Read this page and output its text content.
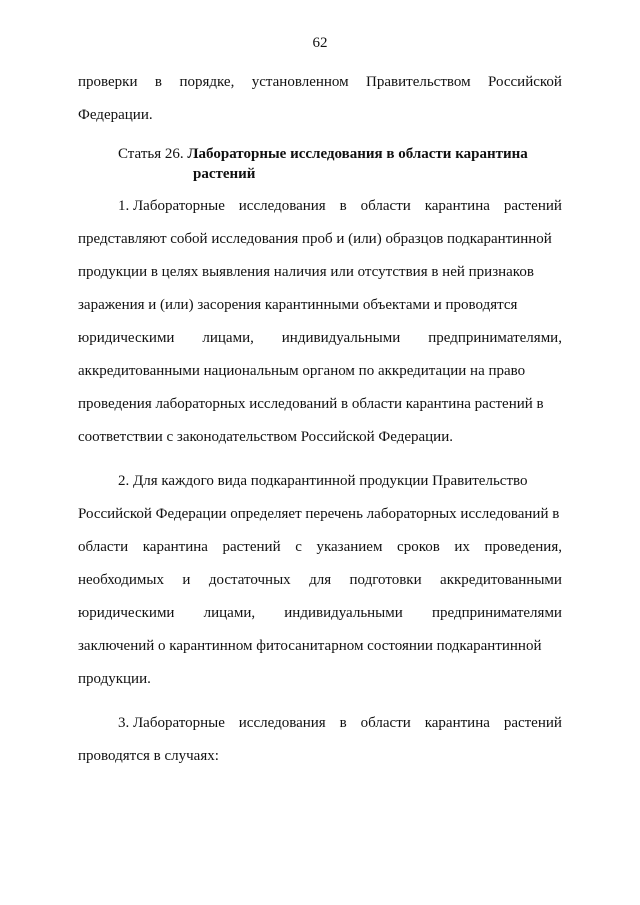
62
проверки в порядке, установленном Правительством Российской
Федерации.
Статья 26. Лабораторные исследования в области карантина
растений
1. Лабораторные исследования в области карантина растений
представляют собой исследования проб и (или) образцов подкарантинной
продукции в целях выявления наличия или отсутствия в ней признаков
заражения и (или) засорения карантинными объектами и проводятся
юридическими лицами, индивидуальными предпринимателями,
аккредитованными национальным органом по аккредитации на право
проведения лабораторных исследований в области карантина растений в
соответствии с законодательством Российской Федерации.
2. Для каждого вида подкарантинной продукции Правительство
Российской Федерации определяет перечень лабораторных исследований в
области карантина растений с указанием сроков их проведения,
необходимых и достаточных для подготовки аккредитованными
юридическими лицами, индивидуальными предпринимателями
заключений о карантинном фитосанитарном состоянии подкарантинной
продукции.
3. Лабораторные исследования в области карантина растений
проводятся в случаях:
